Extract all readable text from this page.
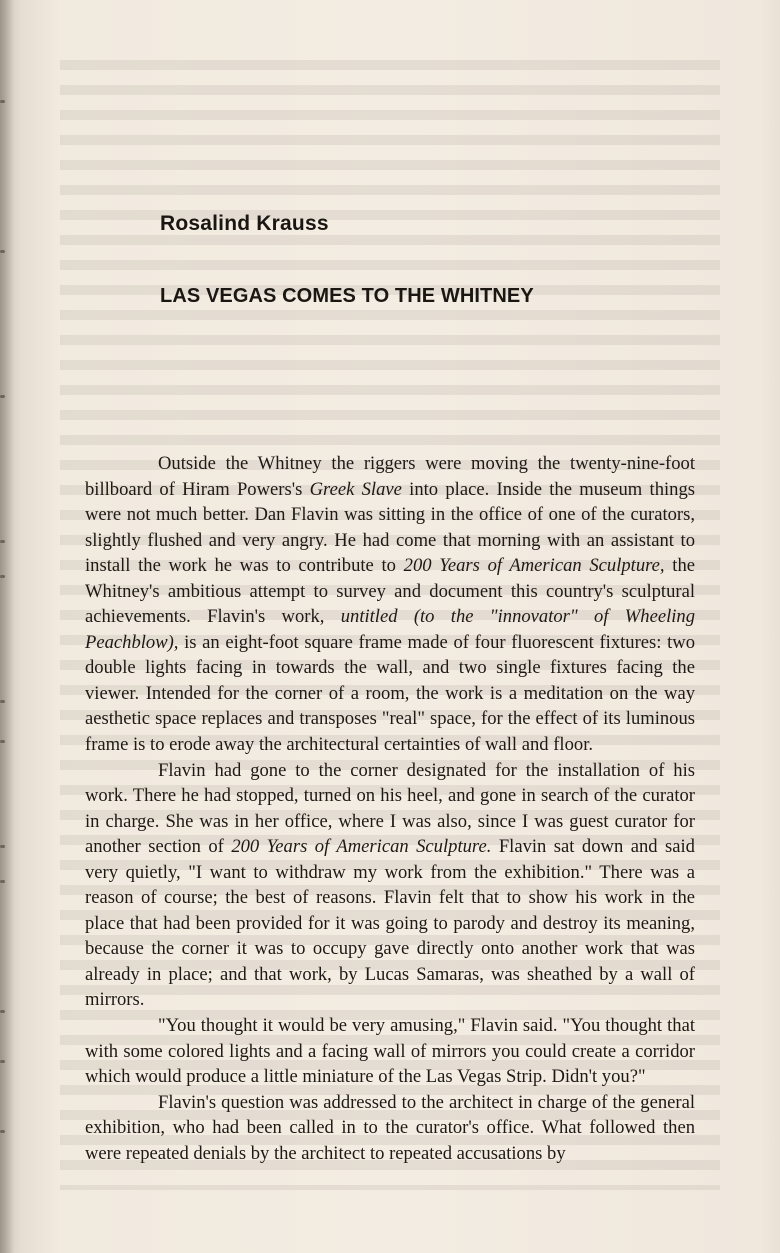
Rosalind Krauss
LAS VEGAS COMES TO THE WHITNEY

Outside the Whitney the riggers were moving the twenty-nine-foot billboard of Hiram Powers's Greek Slave into place. Inside the museum things were not much better. Dan Flavin was sitting in the office of one of the curators, slightly flushed and very angry. He had come that morning with an assistant to install the work he was to contribute to 200 Years of American Sculpture, the Whitney's ambitious attempt to survey and document this country's sculptural achievements. Flavin's work, untitled (to the "innovator" of Wheeling Peachblow), is an eight-foot square frame made of four fluorescent fixtures: two double lights facing in towards the wall, and two single fixtures facing the viewer. Intended for the corner of a room, the work is a meditation on the way aesthetic space replaces and transposes "real" space, for the effect of its luminous frame is to erode away the architectural certainties of wall and floor.

Flavin had gone to the corner designated for the installation of his work. There he had stopped, turned on his heel, and gone in search of the curator in charge. She was in her office, where I was also, since I was guest curator for another section of 200 Years of American Sculpture. Flavin sat down and said very quietly, "I want to withdraw my work from the exhibition." There was a reason of course; the best of reasons. Flavin felt that to show his work in the place that had been provided for it was going to parody and destroy its meaning, because the corner it was to occupy gave directly onto another work that was already in place; and that work, by Lucas Samaras, was sheathed by a wall of mirrors.

"You thought it would be very amusing," Flavin said. "You thought that with some colored lights and a facing wall of mirrors you could create a corridor which would produce a little miniature of the Las Vegas Strip. Didn't you?"

Flavin's question was addressed to the architect in charge of the general exhibition, who had been called in to the curator's office. What followed then were repeated denials by the architect to repeated accusations by
